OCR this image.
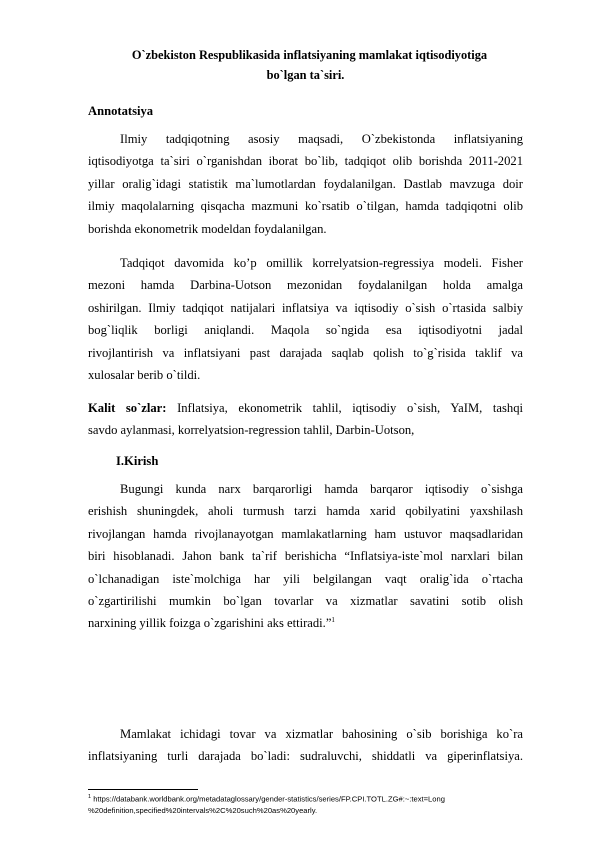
O`zbekiston Respublikasida inflatsiyaning mamlakat iqtisodiyotiga
bo`lgan ta`siri.
Annotatsiya
Ilmiy tadqiqotning asosiy maqsadi, O`zbekistonda inflatsiyaning
iqtisodiyotga ta`siri o`rganishdan iborat bo`lib, tadqiqot olib borishda 2011-2021
yillar oralig`idagi statistik ma`lumotlardan foydalanilgan. Dastlab mavzuga doir
ilmiy maqolalarning qisqacha mazmuni ko`rsatib o`tilgan, hamda tadqiqotni olib
borishda ekonometrik modeldan foydalanilgan.
Tadqiqot davomida ko’p omillik korrelyatsion-regressiya modeli. Fisher
mezoni hamda Darbina-Uotson mezonidan foydalanilgan holda amalga
oshirilgan. Ilmiy tadqiqot natijalari inflatsiya va iqtisodiy o`sish o`rtasida salbiy
bog`liqlik borligi aniqlandi. Maqola so`ngida esa iqtisodiyotni jadal
rivojlantirish va inflatsiyani past darajada saqlab qolish to`g`risida taklif va
xulosalar berib o`tildi.
Kalit so`zlar: Inflatsiya, ekonometrik tahlil, iqtisodiy o`sish, YaIM, tashqi
savdo aylanmasi, korrelyatsion-regression tahlil, Darbin-Uotson,
I.Kirish
Bugungi kunda narx barqarorligi hamda barqaror iqtisodiy o`sishga
erishish shuningdek, aholi turmush tarzi hamda xarid qobilyatini yaxshilash
rivojlangan hamda rivojlanayotgan mamlakatlarning ham ustuvor maqsadlaridan
biri hisoblanadi. Jahon bank ta`rif berishicha “Inflatsiya-iste`mol narxlari bilan
o`lchanadigan iste`molchiga har yili belgilangan vaqt oralig`ida o`rtacha
o`zgartirilishi mumkin bo`lgan tovarlar va xizmatlar savatini sotib olish
narxining yillik foizga o`zgarishini aks ettiradi.”$^1$
Mamlakat ichidagi tovar va xizmatlar bahosining o`sib borishiga ko`ra
inflatsiyaning turli darajada bo`ladi: sudraluvchi, shiddatli va giperinflatsiya.
$^1$ https://databank.worldbank.org/metadataglossary/gender-statistics/series/FP.CPI.TOTL.ZG#:~:text=Long
%20definition,specified%20intervals%2C%20such%20as%20yearly.
